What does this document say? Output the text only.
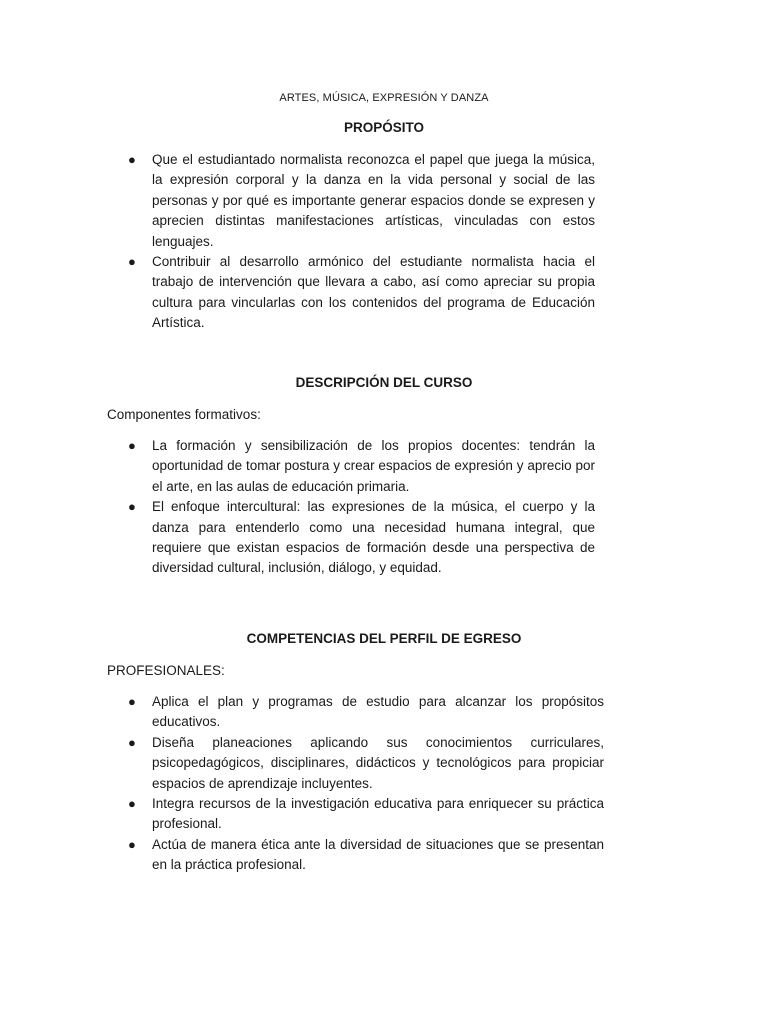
ARTES, MÚSICA, EXPRESIÓN Y DANZA
PROPÓSITO
● Que el estudiantado normalista reconozca el papel que juega la música, la expresión corporal y la danza en la vida personal y social de las personas y por qué es importante generar espacios donde se expresen y aprecien distintas manifestaciones artísticas, vinculadas con estos lenguajes.
● Contribuir al desarrollo armónico del estudiante normalista hacia el trabajo de intervención que llevara a cabo, así como apreciar su propia cultura para vincularlas con los contenidos del programa de Educación Artística.
DESCRIPCIÓN DEL CURSO
Componentes formativos:
● La formación y sensibilización de los propios docentes: tendrán la oportunidad de tomar postura y crear espacios de expresión y aprecio por el arte, en las aulas de educación primaria.
● El enfoque intercultural: las expresiones de la música, el cuerpo y la danza para entenderlo como una necesidad humana integral, que requiere que existan espacios de formación desde una perspectiva de diversidad cultural, inclusión, diálogo, y equidad.
COMPETENCIAS DEL PERFIL DE EGRESO
PROFESIONALES:
● Aplica el plan y programas de estudio para alcanzar los propósitos educativos.
● Diseña planeaciones aplicando sus conocimientos curriculares, psicopedagógicos, disciplinares, didácticos y tecnológicos para propiciar espacios de aprendizaje incluyentes.
● Integra recursos de la investigación educativa para enriquecer su práctica profesional.
● Actúa de manera ética ante la diversidad de situaciones que se presentan en la práctica profesional.
